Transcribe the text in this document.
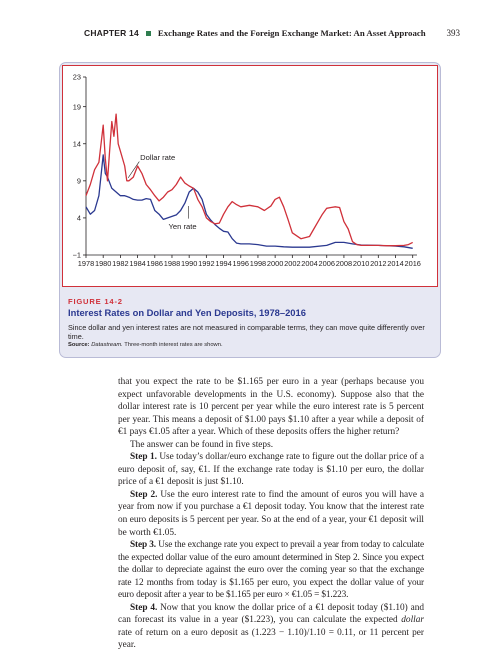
CHAPTER 14 Exchange Rates and the Foreign Exchange Market: An Asset Approach 393
−1
4
9
14
19
23
1978 1980 1982 1984 1986 1988 1990 1992 1994 1996 1998 2000 2002 2004 2006 2008 2010 2012 2014 2016
Dollar rate
Yen rate
FIGURE 14-2
Interest Rates on Dollar and Yen Deposits, 1978–2016
Since dollar and yen interest rates are not measured in comparable terms, they can move quite differently over time.
Source: Datastream. Three-month interest rates are shown.

that you expect the rate to be $1.165 per euro in a year (perhaps because you expect unfavorable developments in the U.S. economy). Suppose also that the dollar interest rate is 10 percent per year while the euro interest rate is 5 percent per year. This means a deposit of $1.00 pays $1.10 after a year while a deposit of €1 pays €1.05 after a year. Which of these deposits offers the higher return?

The answer can be found in five steps.

Step 1. Use today’s dollar/euro exchange rate to figure out the dollar price of a euro deposit of, say, €1. If the exchange rate today is $1.10 per euro, the dollar price of a €1 deposit is just $1.10.

Step 2. Use the euro interest rate to find the amount of euros you will have a year from now if you purchase a €1 deposit today. You know that the interest rate on euro deposits is 5 percent per year. So at the end of a year, your €1 deposit will be worth €1.05.

Step 3. Use the exchange rate you expect to prevail a year from today to calculate the expected dollar value of the euro amount determined in Step 2. Since you expect the dollar to depreciate against the euro over the coming year so that the exchange rate 12 months from today is $1.165 per euro, you expect the dollar value of your euro deposit after a year to be $1.165 per euro × €1.05 = $1.223.

Step 4. Now that you know the dollar price of a €1 deposit today ($1.10) and can forecast its value in a year ($1.223), you can calculate the expected dollar rate of return on a euro deposit as (1.223 − 1.10)/1.10 = 0.11, or 11 percent per year.
